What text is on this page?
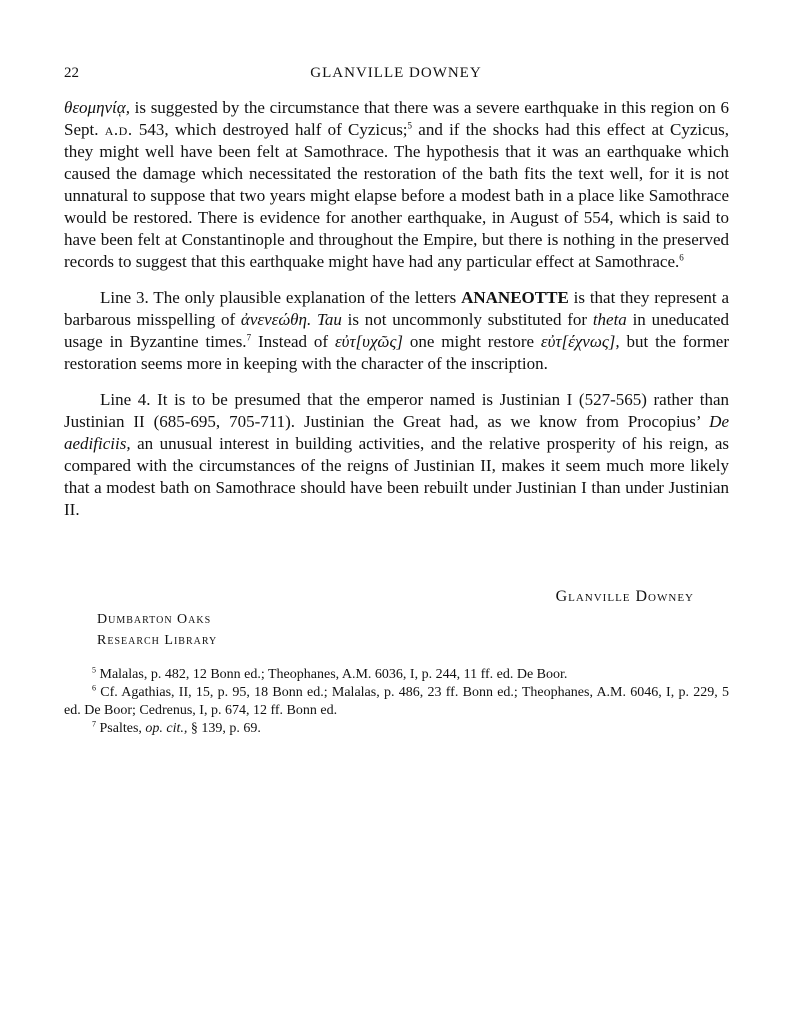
22	GLANVILLE DOWNEY

θεομηνίᾳ, is suggested by the circumstance that there was a severe earthquake in this region on 6 Sept. a.d. 543, which destroyed half of Cyzicus;$^5$ and if the shocks had this effect at Cyzicus, they might well have been felt at Samothrace. The hypothesis that it was an earthquake which caused the damage which necessitated the restoration of the bath fits the text well, for it is not unnatural to suppose that two years might elapse before a modest bath in a place like Samothrace would be restored. There is evidence for another earthquake, in August of 554, which is said to have been felt at Constantinople and throughout the Empire, but there is nothing in the preserved records to suggest that this earthquake might have had any particular effect at Samothrace.$^6$

Line 3. The only plausible explanation of the letters ANANEOTTE is that they represent a barbarous misspelling of ἀνενεώθη. Tau is not uncommonly substituted for theta in uneducated usage in Byzantine times.$^7$ Instead of εὐτ[υχῶς] one might restore εὐτ[έχνως], but the former restoration seems more in keeping with the character of the inscription.

Line 4. It is to be presumed that the emperor named is Justinian I (527-565) rather than Justinian II (685-695, 705-711). Justinian the Great had, as we know from Procopius’ De aedificiis, an unusual interest in building activities, and the relative prosperity of his reign, as compared with the circumstances of the reigns of Justinian II, makes it seem much more likely that a modest bath on Samothrace should have been rebuilt under Justinian I than under Justinian II.

Glanville Downey
Dumbarton Oaks
Research Library

$^5$ Malalas, p. 482, 12 Bonn ed.; Theophanes, A.M. 6036, I, p. 244, 11 ff. ed. De Boor.

$^6$ Cf. Agathias, II, 15, p. 95, 18 Bonn ed.; Malalas, p. 486, 23 ff. Bonn ed.; Theophanes, A.M. 6046, I, p. 229, 5 ed. De Boor; Cedrenus, I, p. 674, 12 ff. Bonn ed.

$^7$ Psaltes, op. cit., § 139, p. 69.
